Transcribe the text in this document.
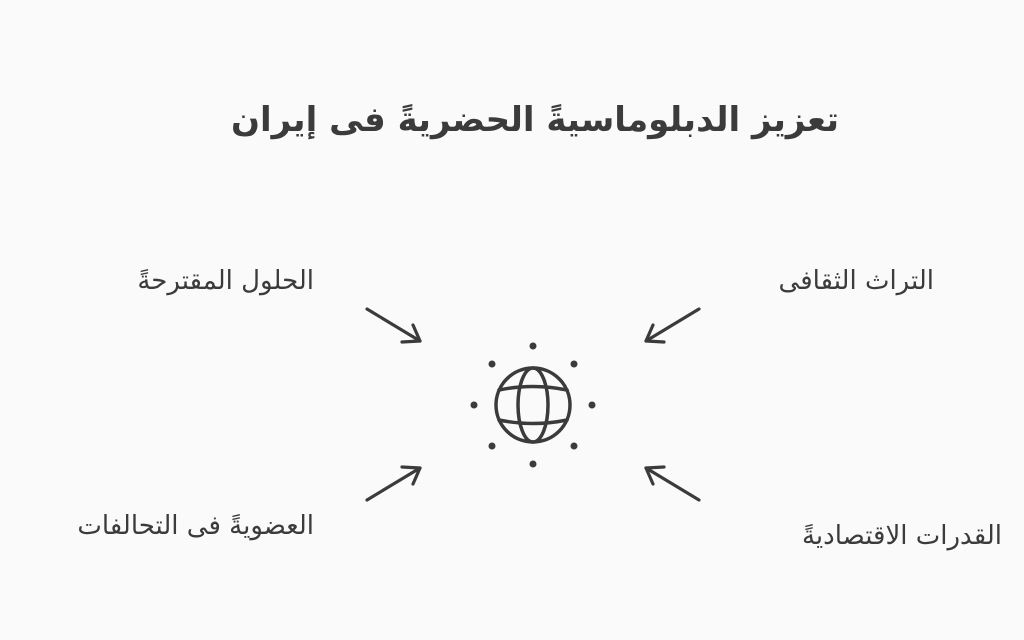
تعزيز الدبلوماسيةً الحضريةً فى إيران
الحلول المقترحةً	التراث الثقافى
العضويةً فى التحالفات	القدرات الاقتصاديةً
